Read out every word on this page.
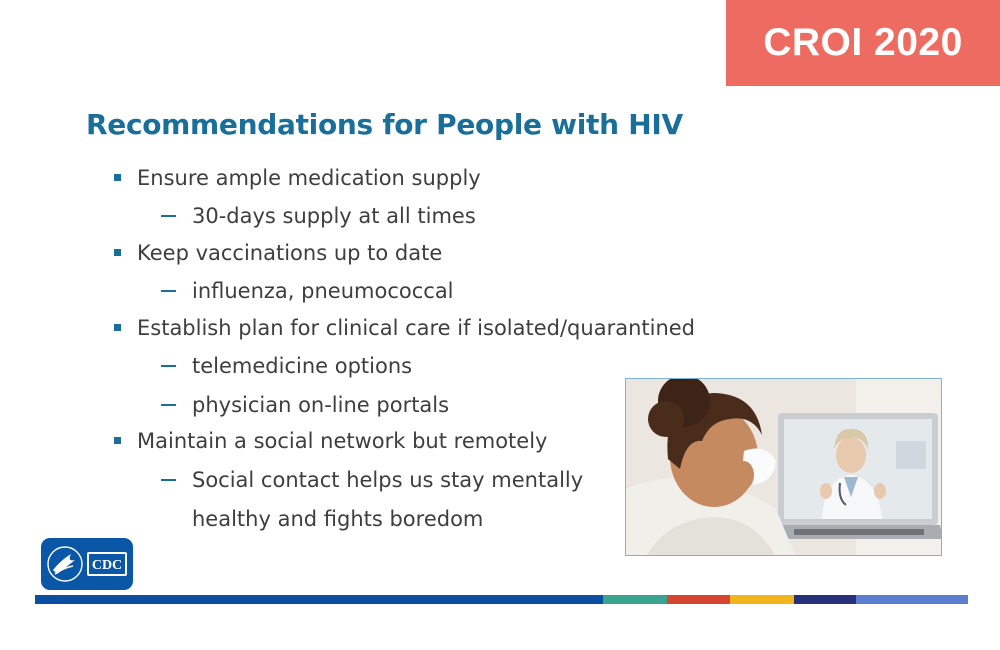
CROI 2020
Recommendations for People with HIV
Ensure ample medication supply
30-days supply at all times
Keep vaccinations up to date
influenza, pneumococcal
Establish plan for clinical care if isolated/quarantined
telemedicine options
physician on-line portals
Maintain a social network but remotely
Social contact helps us stay mentally
healthy and fights boredom
CDC
